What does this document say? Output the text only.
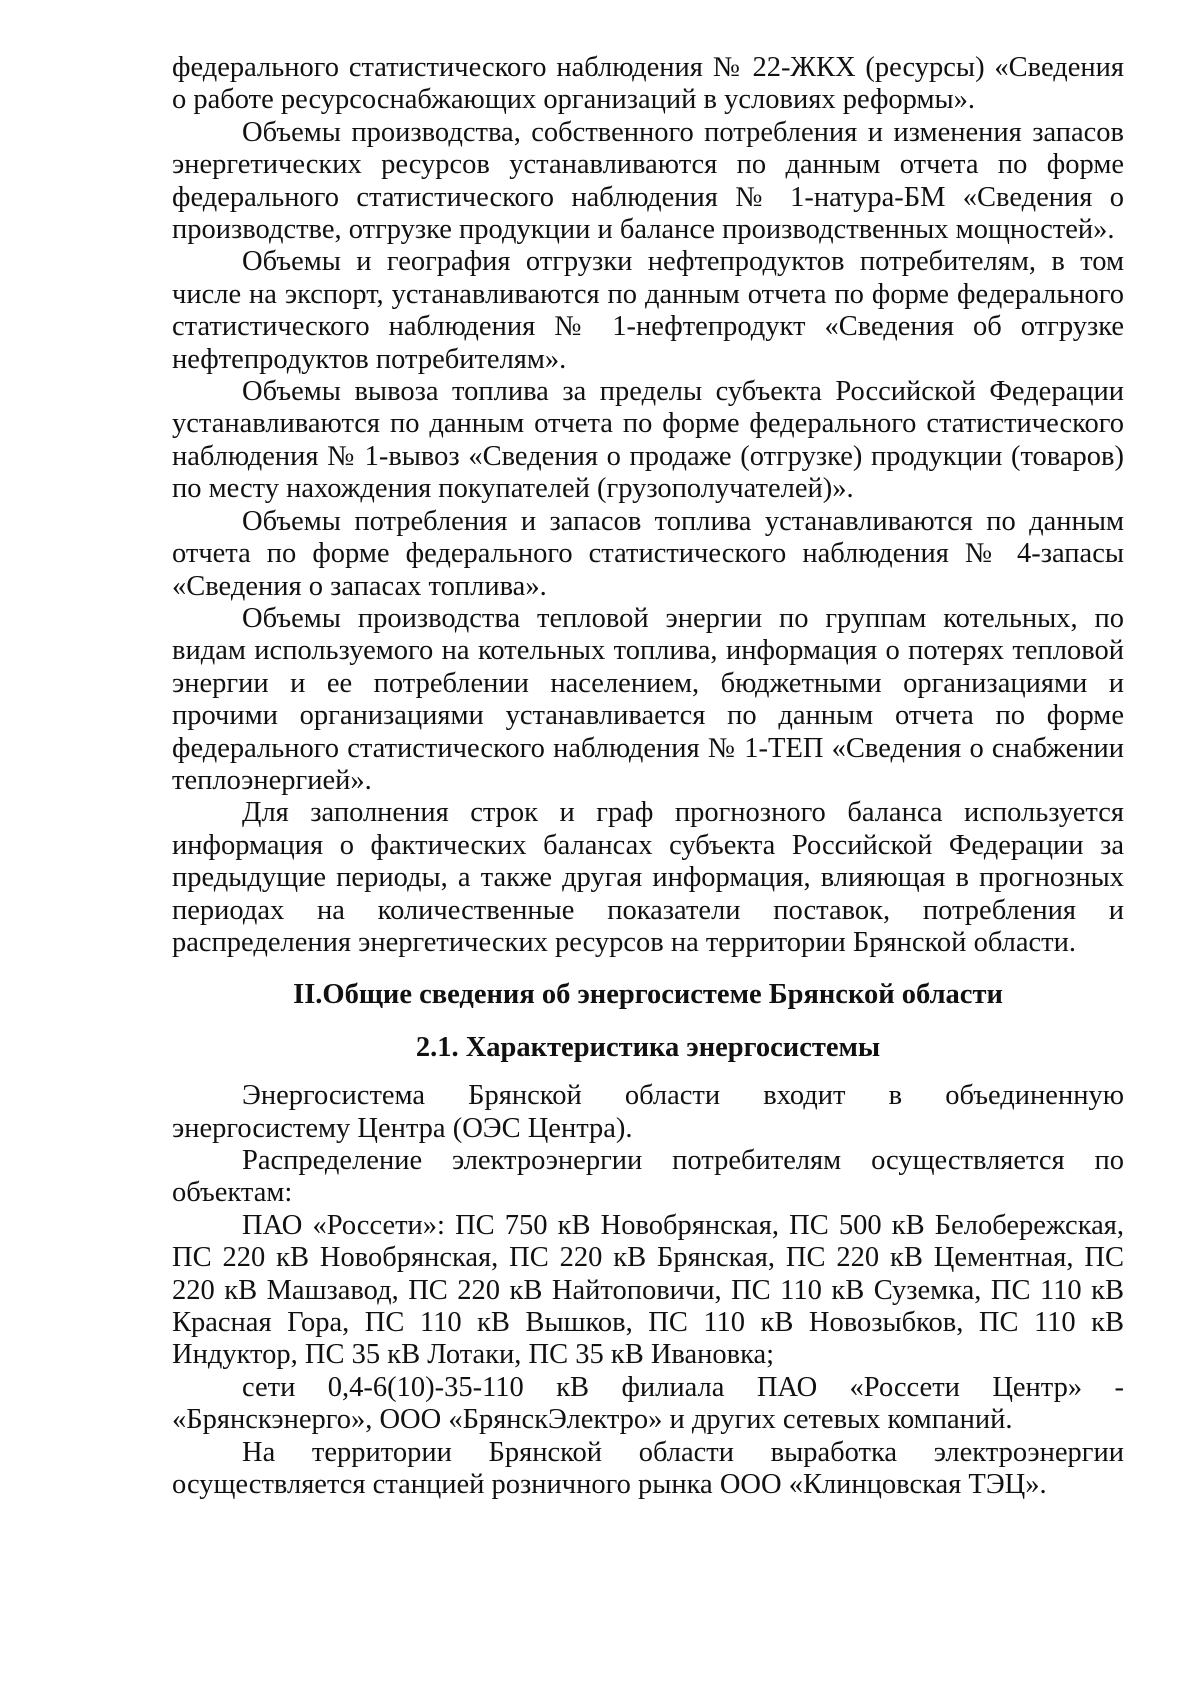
федерального статистического наблюдения № 22-ЖКХ (ресурсы) «Сведения о работе ресурсоснабжающих организаций в условиях реформы».

Объемы производства, собственного потребления и изменения запасов энергетических ресурсов устанавливаются по данным отчета по форме федерального статистического наблюдения № 1-натура-БМ «Сведения о производстве, отгрузке продукции и балансе производственных мощностей».

Объемы и география отгрузки нефтепродуктов потребителям, в том числе на экспорт, устанавливаются по данным отчета по форме федерального статистического наблюдения № 1-нефтепродукт «Сведения об отгрузке нефтепродуктов потребителям».

Объемы вывоза топлива за пределы субъекта Российской Федерации устанавливаются по данным отчета по форме федерального статистического наблюдения № 1-вывоз «Сведения о продаже (отгрузке) продукции (товаров) по месту нахождения покупателей (грузополучателей)».

Объемы потребления и запасов топлива устанавливаются по данным отчета по форме федерального статистического наблюдения № 4-запасы «Сведения о запасах топлива».

Объемы производства тепловой энергии по группам котельных, по видам используемого на котельных топлива, информация о потерях тепловой энергии и ее потреблении населением, бюджетными организациями и прочими организациями устанавливается по данным отчета по форме федерального статистического наблюдения № 1-ТЕП «Сведения о снабжении теплоэнергией».

Для заполнения строк и граф прогнозного баланса используется информация о фактических балансах субъекта Российской Федерации за предыдущие периоды, а также другая информация, влияющая в прогнозных периодах на количественные показатели поставок, потребления и распределения энергетических ресурсов на территории Брянской области.

II.Общие сведения об энергосистеме Брянской области

2.1. Характеристика энергосистемы

Энергосистема Брянской области входит в объединенную энергосистему Центра (ОЭС Центра).

Распределение электроэнергии потребителям осуществляется по объектам:

ПАО «Россети»: ПС 750 кВ Новобрянская, ПС 500 кВ Белобережская, ПС 220 кВ Новобрянская, ПС 220 кВ Брянская, ПС 220 кВ Цементная, ПС 220 кВ Машзавод, ПС 220 кВ Найтоповичи, ПС 110 кВ Суземка, ПС 110 кВ Красная Гора, ПС 110 кВ Вышков, ПС 110 кВ Новозыбков, ПС 110 кВ Индуктор, ПС 35 кВ Лотаки, ПС 35 кВ Ивановка;

сети 0,4-6(10)-35-110 кВ филиала ПАО «Россети Центр» - «Брянскэнерго», ООО «БрянскЭлектро» и других сетевых компаний.

На территории Брянской области выработка электроэнергии осуществляется станцией розничного рынка ООО «Клинцовская ТЭЦ».
